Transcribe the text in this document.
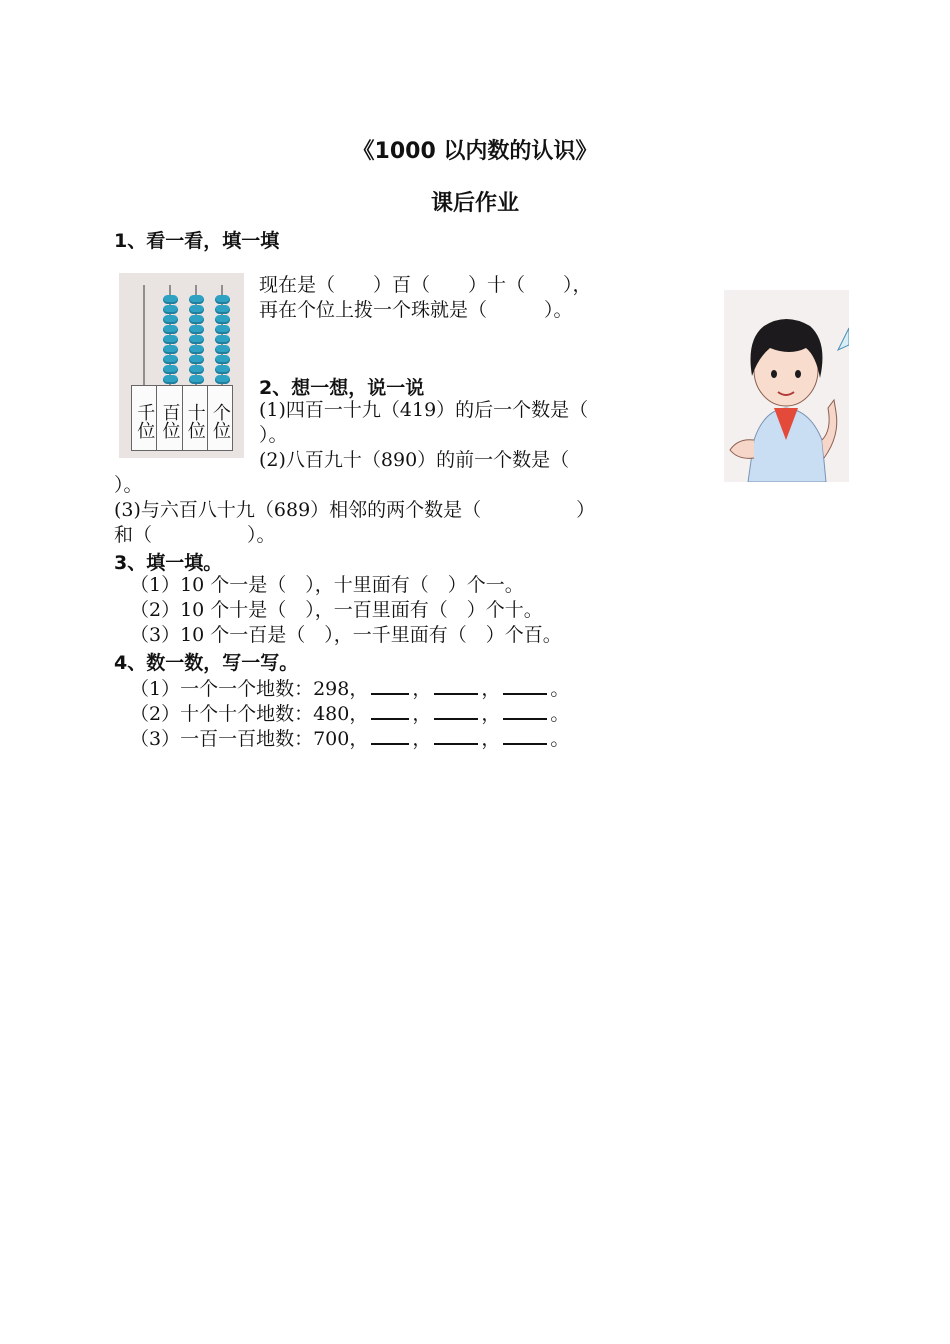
《1000 以内数的认识》
课后作业
1、看一看，填一填
千位 百位 十位 个位
现在是（　　）百（　　）十（　　），
再在个位上拨一个珠就是（　　　）。
2、想一想，说一说
(1)四百一十九（419）的后一个数是（
）。
(2)八百九十（890）的前一个数是（
）。
(3)与六百八十九（689）相邻的两个数是（　　　　　）
和（　　　　　）。
3、填一填。
（1）10 个一是（　），十里面有（　）个一。
（2）10 个十是（　），一百里面有（　）个十。
（3）10 个一百是（　），一千里面有（　）个百。
4、数一数，写一写。
（1）一个一个地数：298， ，	，	。
（2）十个十个地数：480， ，	，	。
（3）一百一百地数：700， ，	，	。
